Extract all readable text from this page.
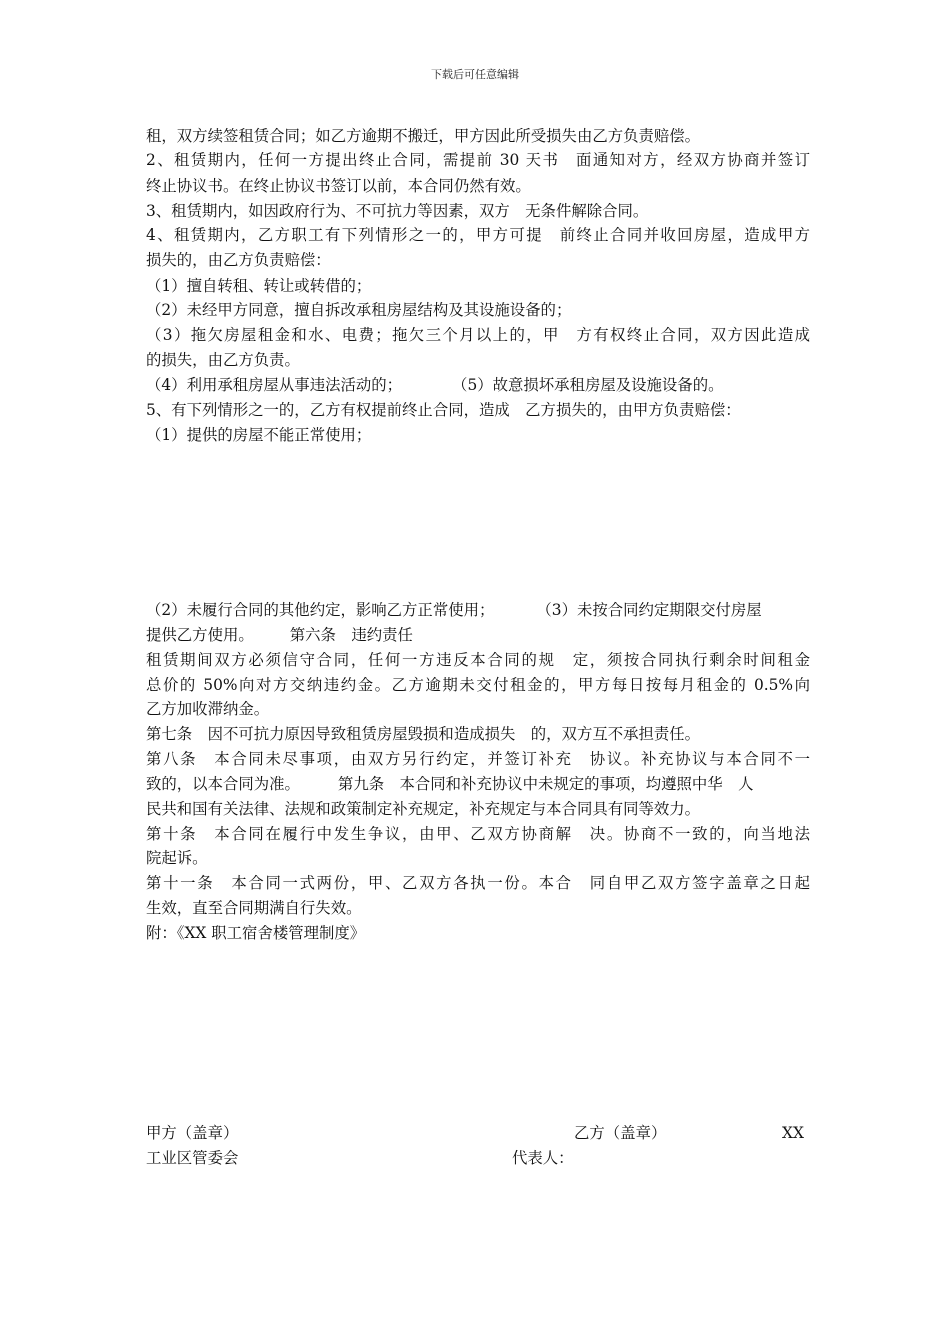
下载后可任意编辑
租，双方续签租赁合同；如乙方逾期不搬迁，甲方因此所受损失由乙方负责赔偿。
2、租赁期内，任何一方提出终止合同，需提前 30 天书　面通知对方，经双方协商并签订
终止协议书。在终止协议书签订以前，本合同仍然有效。
3、租赁期内，如因政府行为、不可抗力等因素，双方　无条件解除合同。
4、租赁期内，乙方职工有下列情形之一的，甲方可提　前终止合同并收回房屋，造成甲方
损失的，由乙方负责赔偿：
（1）擅自转租、转让或转借的；
（2）未经甲方同意，擅自拆改承租房屋结构及其设施设备的；
（3）拖欠房屋租金和水、电费；拖欠三个月以上的，甲　方有权终止合同，双方因此造成
的损失，由乙方负责。
（4）利用承租房屋从事违法活动的；	（5）故意损坏承租房屋及设施设备的。
5、有下列情形之一的，乙方有权提前终止合同，造成　乙方损失的，由甲方负责赔偿：
（1）提供的房屋不能正常使用；
（2）未履行合同的其他约定，影响乙方正常使用；	（3）未按合同约定期限交付房屋
提供乙方使用。 第六条　违约责任
租赁期间双方必须信守合同，任何一方违反本合同的规　定，须按合同执行剩余时间租金
总价的 50%向对方交纳违约金。乙方逾期未交付租金的，甲方每日按每月租金的 0.5%向
乙方加收滞纳金。
第七条　因不可抗力原因导致租赁房屋毁损和造成损失　的，双方互不承担责任。
第八条　本合同未尽事项，由双方另行约定，并签订补充　协议。补充协议与本合同不一
致的，以本合同为准。 第九条　本合同和补充协议中未规定的事项，均遵照中华　人
民共和国有关法律、法规和政策制定补充规定，补充规定与本合同具有同等效力。
第十条　本合同在履行中发生争议，由甲、乙双方协商解　决。协商不一致的，向当地法
院起诉。
第十一条　本合同一式两份，甲、乙双方各执一份。本合　同自甲乙双方签字盖章之日起
生效，直至合同期满自行失效。
附：《XX 职工宿舍楼管理制度》
甲方（盖章）	乙方（盖章）	XX
工业区管委会	代表人：
